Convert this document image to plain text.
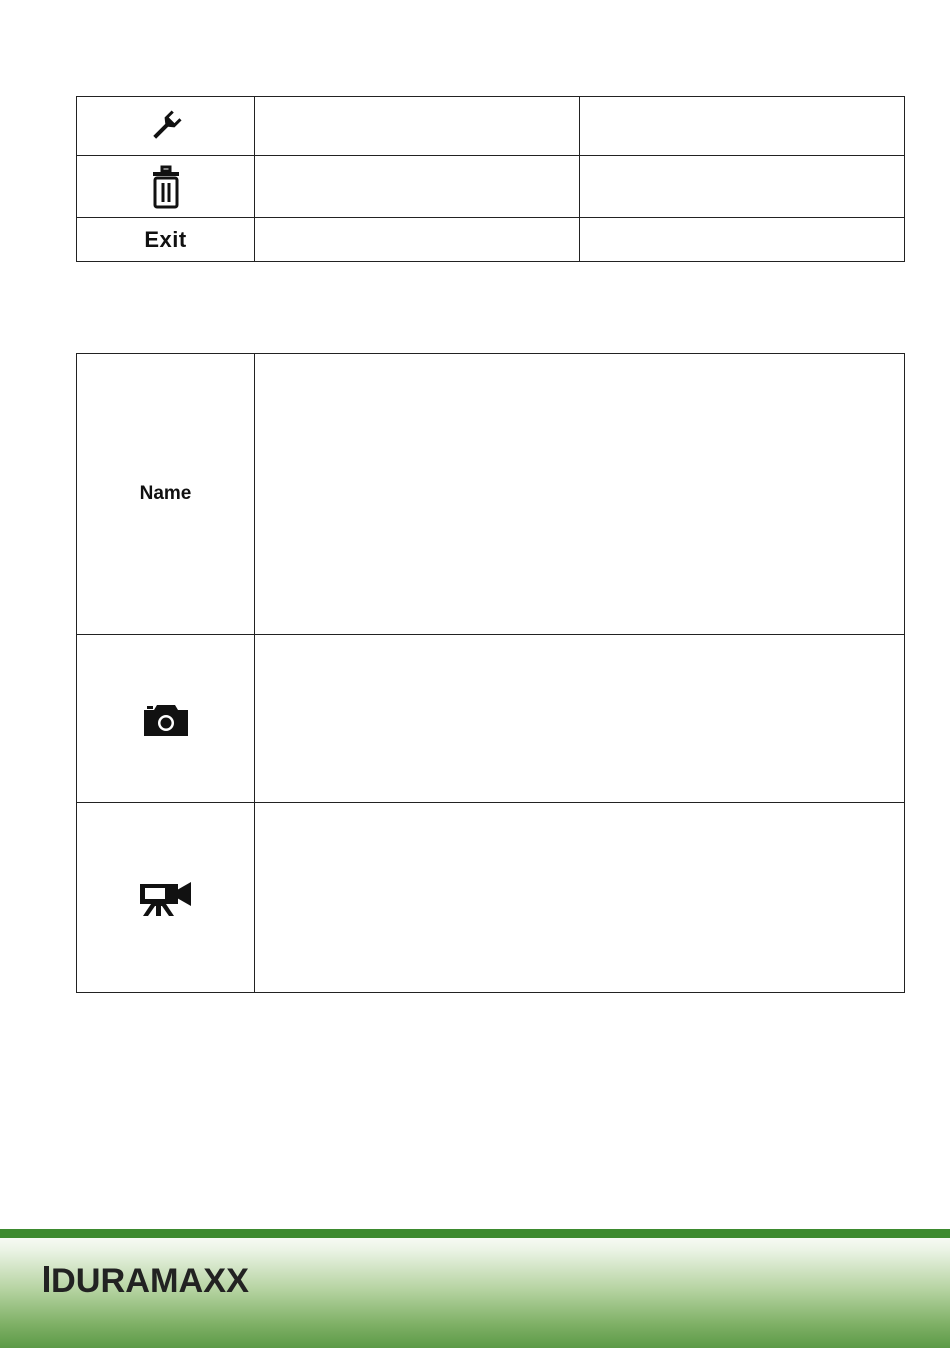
Exit		
Name	

DURAMAXX
